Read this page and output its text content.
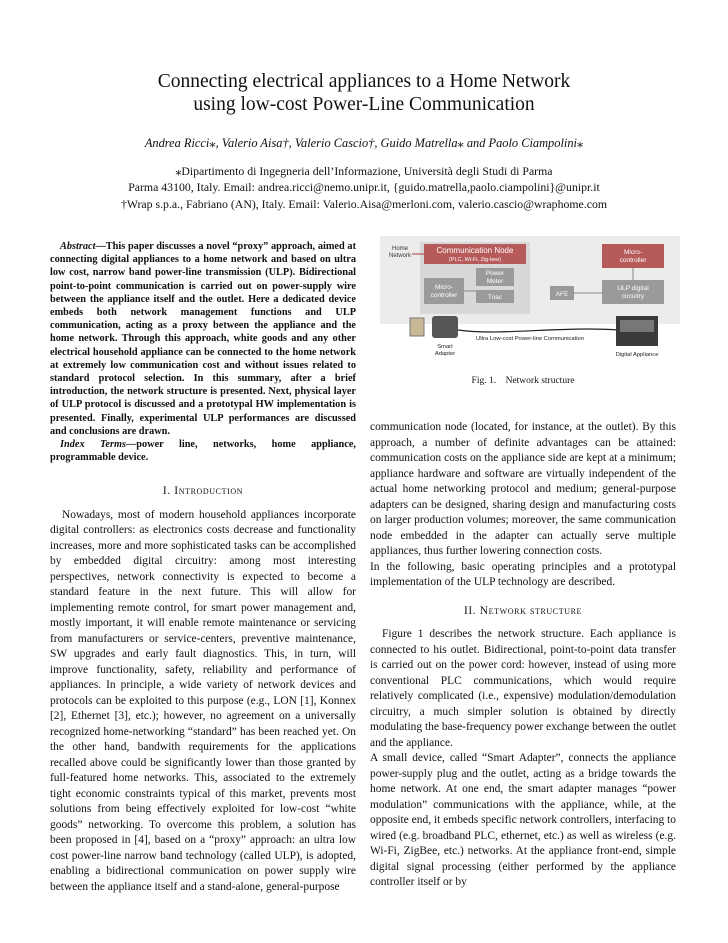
Connecting electrical appliances to a Home Network
using low-cost Power-Line Communication
Andrea Ricci⁎, Valerio Aisa†, Valerio Cascio†, Guido Matrella⁎ and Paolo Ciampolini⁎
⁎Dipartimento di Ingegneria dell’Informazione, Università degli Studi di Parma
Parma 43100, Italy. Email: andrea.ricci@nemo.unipr.it, {guido.matrella,paolo.ciampolini}@unipr.it
†Wrap s.p.a., Fabriano (AN), Italy. Email: Valerio.Aisa@merloni.com, valerio.cascio@wraphome.com

Abstract—This paper discusses a novel “proxy” approach, aimed at connecting digital appliances to a home network and based on ultra low cost, narrow band power-line transmission (ULP). Bidirectional point-to-point communication is carried out on power-supply wire between the appliance itself and the outlet. Here a dedicated device embeds both network management functions and ULP communication, acting as a proxy between the appliance and the home network. Through this approach, white goods and any other electrical household appliance can be connected to the home network at extremely low communication cost and without issues related to standard protocol selection. In this summary, after a brief introduction, the network structure is presented. Next, physical layer of ULP protocol is discussed and a prototypal HW implementation is presented. Finally, experimental ULP performances are discussed and conclusions are drawn.

Index Terms—power line, networks, home appliance, programmable device.

I. Introduction

Nowadays, most of modern household appliances incorporate digital controllers: as electronics costs decrease and functionality increases, more and more sophisticated tasks can be accomplished by embedded digital circuitry: among most interesting perspectives, network connectivity is expected to become a standard feature in the next future. This will allow for implementing remote control, for smart power management and, mostly important, it will enable remote maintenance or servicing from manufacturers or service-centers, preventive maintenance, SW upgrades and early fault diagnostics. This, in turn, will improve functionality, safety, reliability and performance of appliances. In principle, a wide variety of network devices and protocols can be exploited to this purpose (e.g., LON [1], Konnex [2], Ethernet [3], etc.); however, no agreement on a universally recognized home-networking “standard” has been reached yet. On the other hand, bandwith requirements for the applications recalled above could be significantly lower than those granted by full-featured home networks. This, associated to the extremely tight economic constraints typical of this market, prevents most solutions from being effectively exploited for low-cost “white goods” networking. To overcome this problem, a solution has been proposed in [4], based on a “proxy” approach: an ultra low cost power-line narrow band technology (called ULP), is adopted, enabling a bidirectional communication on power supply wire between the appliance itself and a stand-alone, general-purpose

Communication Node
(PLC, Wi-Fi, Zig-bee)
Home Network
Micro-controller
Power Meter
Triac	AFE
Micro-controller
ULP digital circuitry
Ultra Low-cost Power-line Communication
Smart Adapter	Digital Appliance
Fig. 1. Network structure

communication node (located, for instance, at the outlet). By this approach, a number of definite advantages can be attained: communication costs on the appliance side are kept at a minimum; appliance hardware and software are virtually independent of the actual home networking protocol and medium; general-purpose adapters can be designed, sharing design and manufacturing costs on larger production volumes; moreover, the same communication node embedded in the adapter can actually serve multiple appliances, thus further lowering connection costs.

In the following, basic operating principles and a prototypal implementation of the ULP technology are described.

II. Network structure

Figure 1 describes the network structure. Each appliance is connected to his outlet. Bidirectional, point-to-point data transfer is carried out on the power cord: however, instead of using more conventional PLC communications, which would require relatively complicated (i.e., expensive) modulation/demodulation circuitry, a much simpler solution is obtained by directly modulating the base-frequency power exchange between the outlet and the appliance.

A small device, called “Smart Adapter”, connects the appliance power-supply plug and the outlet, acting as a bridge towards the home network. At one end, the smart adapter manages “power modulation” communications with the appliance, while, at the opposite end, it embeds specific network controllers, interfacing to wired (e.g. broadband PLC, ethernet, etc.) as well as wireless (e.g. Wi-Fi, ZigBee, etc.) networks. At the appliance front-end, simple digital signal processing (either performed by the appliance controller itself or by
